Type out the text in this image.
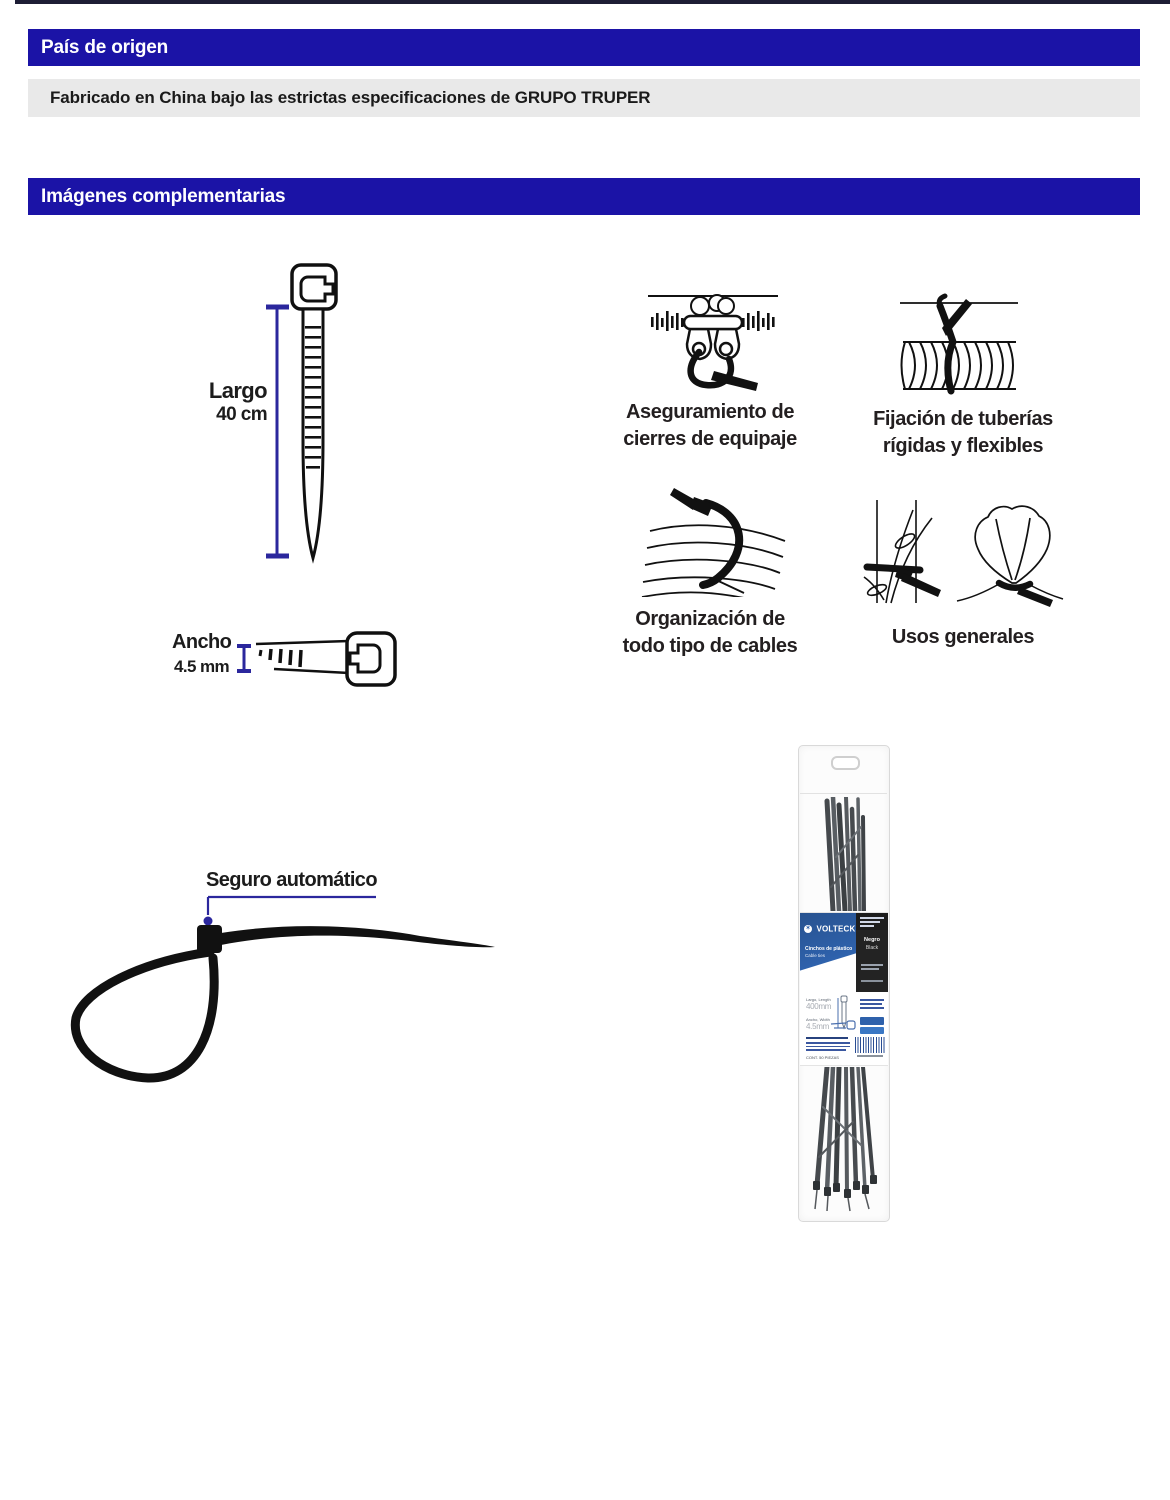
País de origen
Fabricado en China bajo las estrictas especificaciones de GRUPO TRUPER
Imágenes complementarias
Largo
40 cm
Ancho
4.5 mm
Aseguramiento de
cierres de equipaje
Fijación de tuberías
rígidas y flexibles
Organización de
todo tipo de cables	Usos generales
Seguro automático
✶ VOLTECK
Cinchos de plástico
Cable ties
Negro
Black
Largo, Length
400mm
Ancho, Width
4.5mm
CONT. 50 PIEZAS
